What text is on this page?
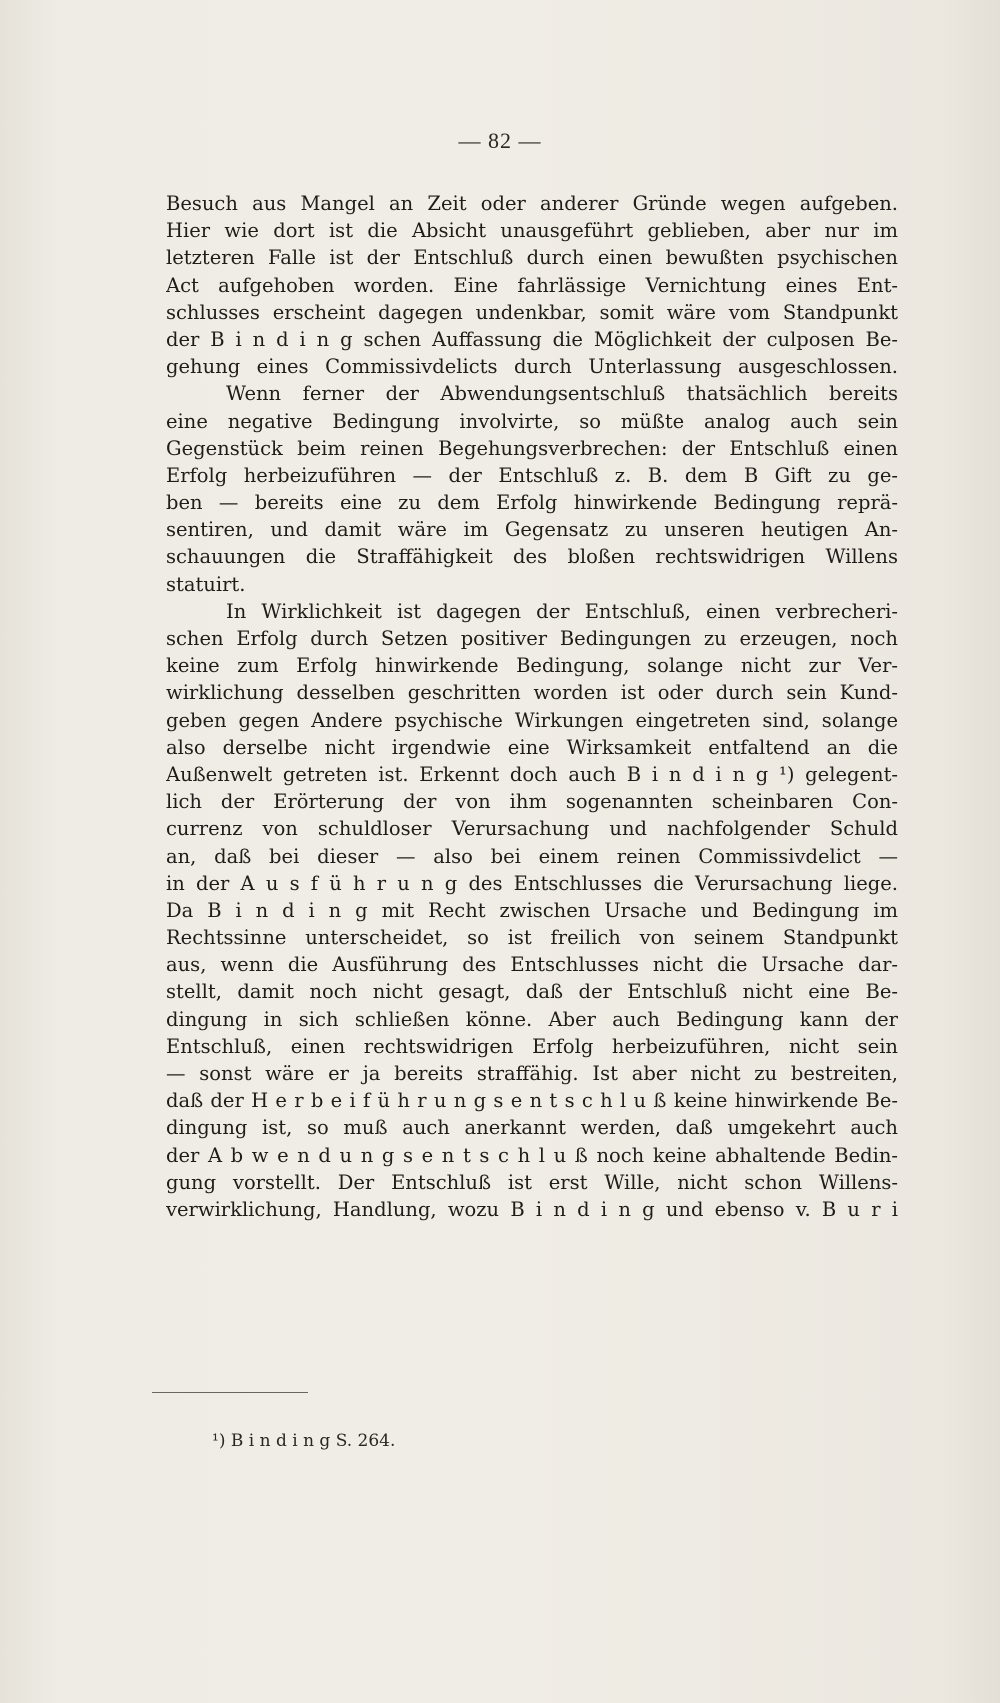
— 82 —
Besuch aus Mangel an Zeit oder anderer Gründe wegen aufgeben.
Hier wie dort ist die Absicht unausgeführt geblieben, aber nur im
letzteren Falle ist der Entschluß durch einen bewußten psychischen
Act aufgehoben worden. Eine fahrlässige Vernichtung eines Ent-
schlusses erscheint dagegen undenkbar, somit wäre vom Standpunkt
der B i n d i n g schen Auffassung die Möglichkeit der culposen Be-
gehung eines Commissivdelicts durch Unterlassung ausgeschlossen.
Wenn ferner der Abwendungsentschluß thatsächlich bereits
eine negative Bedingung involvirte, so müßte analog auch sein
Gegenstück beim reinen Begehungsverbrechen: der Entschluß einen
Erfolg herbeizuführen — der Entschluß z. B. dem B Gift zu ge-
ben — bereits eine zu dem Erfolg hinwirkende Bedingung reprä-
sentiren, und damit wäre im Gegensatz zu unseren heutigen An-
schauungen die Straffähigkeit des bloßen rechtswidrigen Willens
statuirt.
In Wirklichkeit ist dagegen der Entschluß, einen verbrecheri-
schen Erfolg durch Setzen positiver Bedingungen zu erzeugen, noch
keine zum Erfolg hinwirkende Bedingung, solange nicht zur Ver-
wirklichung desselben geschritten worden ist oder durch sein Kund-
geben gegen Andere psychische Wirkungen eingetreten sind, solange
also derselbe nicht irgendwie eine Wirksamkeit entfaltend an die
Außenwelt getreten ist. Erkennt doch auch B i n d i n g ¹) gelegent-
lich der Erörterung der von ihm sogenannten scheinbaren Con-
currenz von schuldloser Verursachung und nachfolgender Schuld
an, daß bei dieser — also bei einem reinen Commissivdelict —
in der A u s f ü h r u n g des Entschlusses die Verursachung liege.
Da B i n d i n g mit Recht zwischen Ursache und Bedingung im
Rechtssinne unterscheidet, so ist freilich von seinem Standpunkt
aus, wenn die Ausführung des Entschlusses nicht die Ursache dar-
stellt, damit noch nicht gesagt, daß der Entschluß nicht eine Be-
dingung in sich schließen könne. Aber auch Bedingung kann der
Entschluß, einen rechtswidrigen Erfolg herbeizuführen, nicht sein
— sonst wäre er ja bereits straffähig. Ist aber nicht zu bestreiten,
daß der H e r b e i f ü h r u n g s e n t s c h l u ß keine hinwirkende Be-
dingung ist, so muß auch anerkannt werden, daß umgekehrt auch
der A b w e n d u n g s e n t s c h l u ß noch keine abhaltende Bedin-
gung vorstellt. Der Entschluß ist erst Wille, nicht schon Willens-
verwirklichung, Handlung, wozu B i n d i n g und ebenso v. B u r i
¹) B i n d i n g S. 264.
